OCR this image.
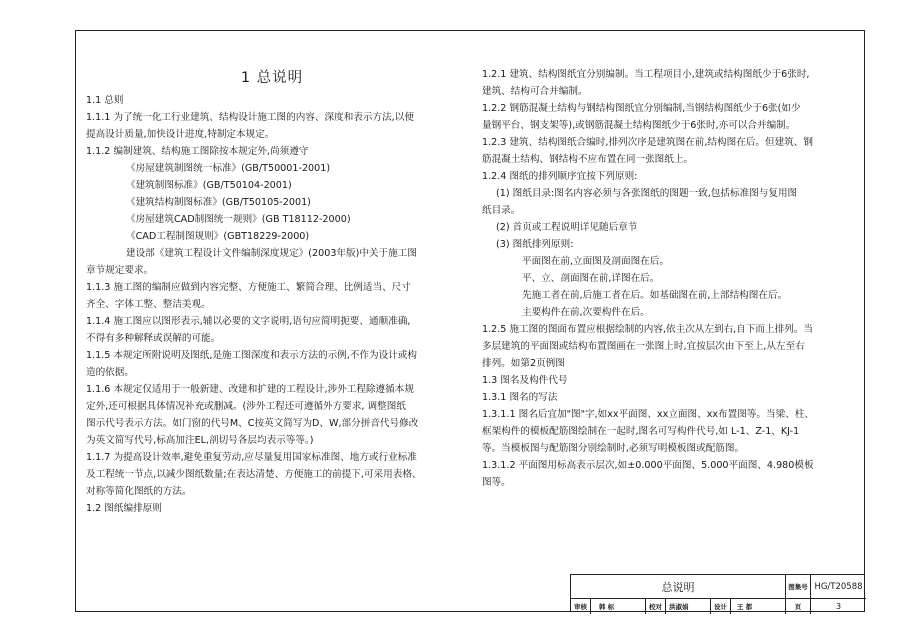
1 总说明
1.1 总则
1.1.1 为了统一化工行业建筑、结构设计施工图的内容、深度和表示方法,以便
提高设计质量,加快设计进度,特制定本规定。
1.1.2 编制建筑、结构施工图除按本规定外,尚须遵守
《房屋建筑制图统一标准》(GB/T50001-2001)
《建筑制图标准》(GB/T50104-2001)
《建筑结构制图标准》(GB/T50105-2001)
《房屋建筑CAD制图统一规则》(GB T18112-2000)
《CAD工程制图规则》(GBT18229-2000)
建设部《建筑工程设计文件编制深度规定》(2003年版)中关于施工图
章节规定要求。
1.1.3 施工图的编制应做到内容完整、方便施工、繁简合理、比例适当、尺寸
齐全、字体工整、整洁美观。
1.1.4 施工图应以图形表示,辅以必要的文字说明,语句应简明扼要、通顺准确,
不得有多种解释或误解的可能。
1.1.5 本规定所附说明及图纸,是施工图深度和表示方法的示例,不作为设计或构
造的依据。
1.1.6 本规定仅适用于一般新建、改建和扩建的工程设计,涉外工程除遵循本规
定外,还可根据具体情况补充或删减。(涉外工程还可遵循外方要求, 调整图纸
图示代号表示方法。如门窗的代号M、C按英文简写为D、W,部分拼音代号修改
为英文简写代号,标高加注EL,剖切号各层均表示等等。)
1.1.7 为提高设计效率,避免重复劳动,应尽量复用国家标准图、地方或行业标准
及工程统一节点,以减少图纸数量;在表达清楚、方便施工的前提下,可采用表格、
对称等简化图纸的方法。
1.2 图纸编排原则
1.2.1 建筑、结构图纸宜分别编制。当工程项目小,建筑或结构图纸少于6张时,
建筑、结构可合并编制。
1.2.2 钢筋混凝土结构与钢结构图纸宜分别编制,当钢结构图纸少于6张(如少
量钢平台、钢支架等),或钢筋混凝土结构图纸少于6张时,亦可以合并编制。
1.2.3 建筑、结构图纸合编时,排列次序是建筑图在前,结构图在后。但建筑、钢
筋混凝土结构、钢结构不应布置在同一张图纸上。
1.2.4 图纸的排列顺序宜按下列原则:
(1) 图纸目录:图名内容必须与各张图纸的图题一致,包括标准图与复用图
纸目录。
(2) 首页或工程说明详见随后章节
(3) 图纸排列原则:
平面图在前,立面图及剖面图在后。
平、立、剖面图在前,详图在后。
先施工者在前,后施工者在后。如基础图在前,上部结构图在后。
主要构件在前,次要构件在后。
1.2.5 施工图的图面布置应根据绘制的内容,依主次从左到右,自下而上排列。当
多层建筑的平面图或结构布置图画在一张图上时,宜按层次由下至上,从左至右
排列。如第2页例图
1.3 图名及构件代号
1.3.1 图名的写法
1.3.1.1 图名后宜加"图"字,如xx平面图、xx立面图、xx布置图等。当梁、柱、
框架构件的模板配筋图绘制在一起时,图名可写构件代号,如 L-1、Z-1、KJ-1
等。当模板图与配筋图分别绘制时,必须写明模板图或配筋图。
1.3.1.2 平面图用标高表示层次,如±0.000平面图、5.000平面图、4.980模板
图等。
总说明	图集号 HG/T20588
审核	韩 标	校对	洪淑娟	设计	王 都	页	3
